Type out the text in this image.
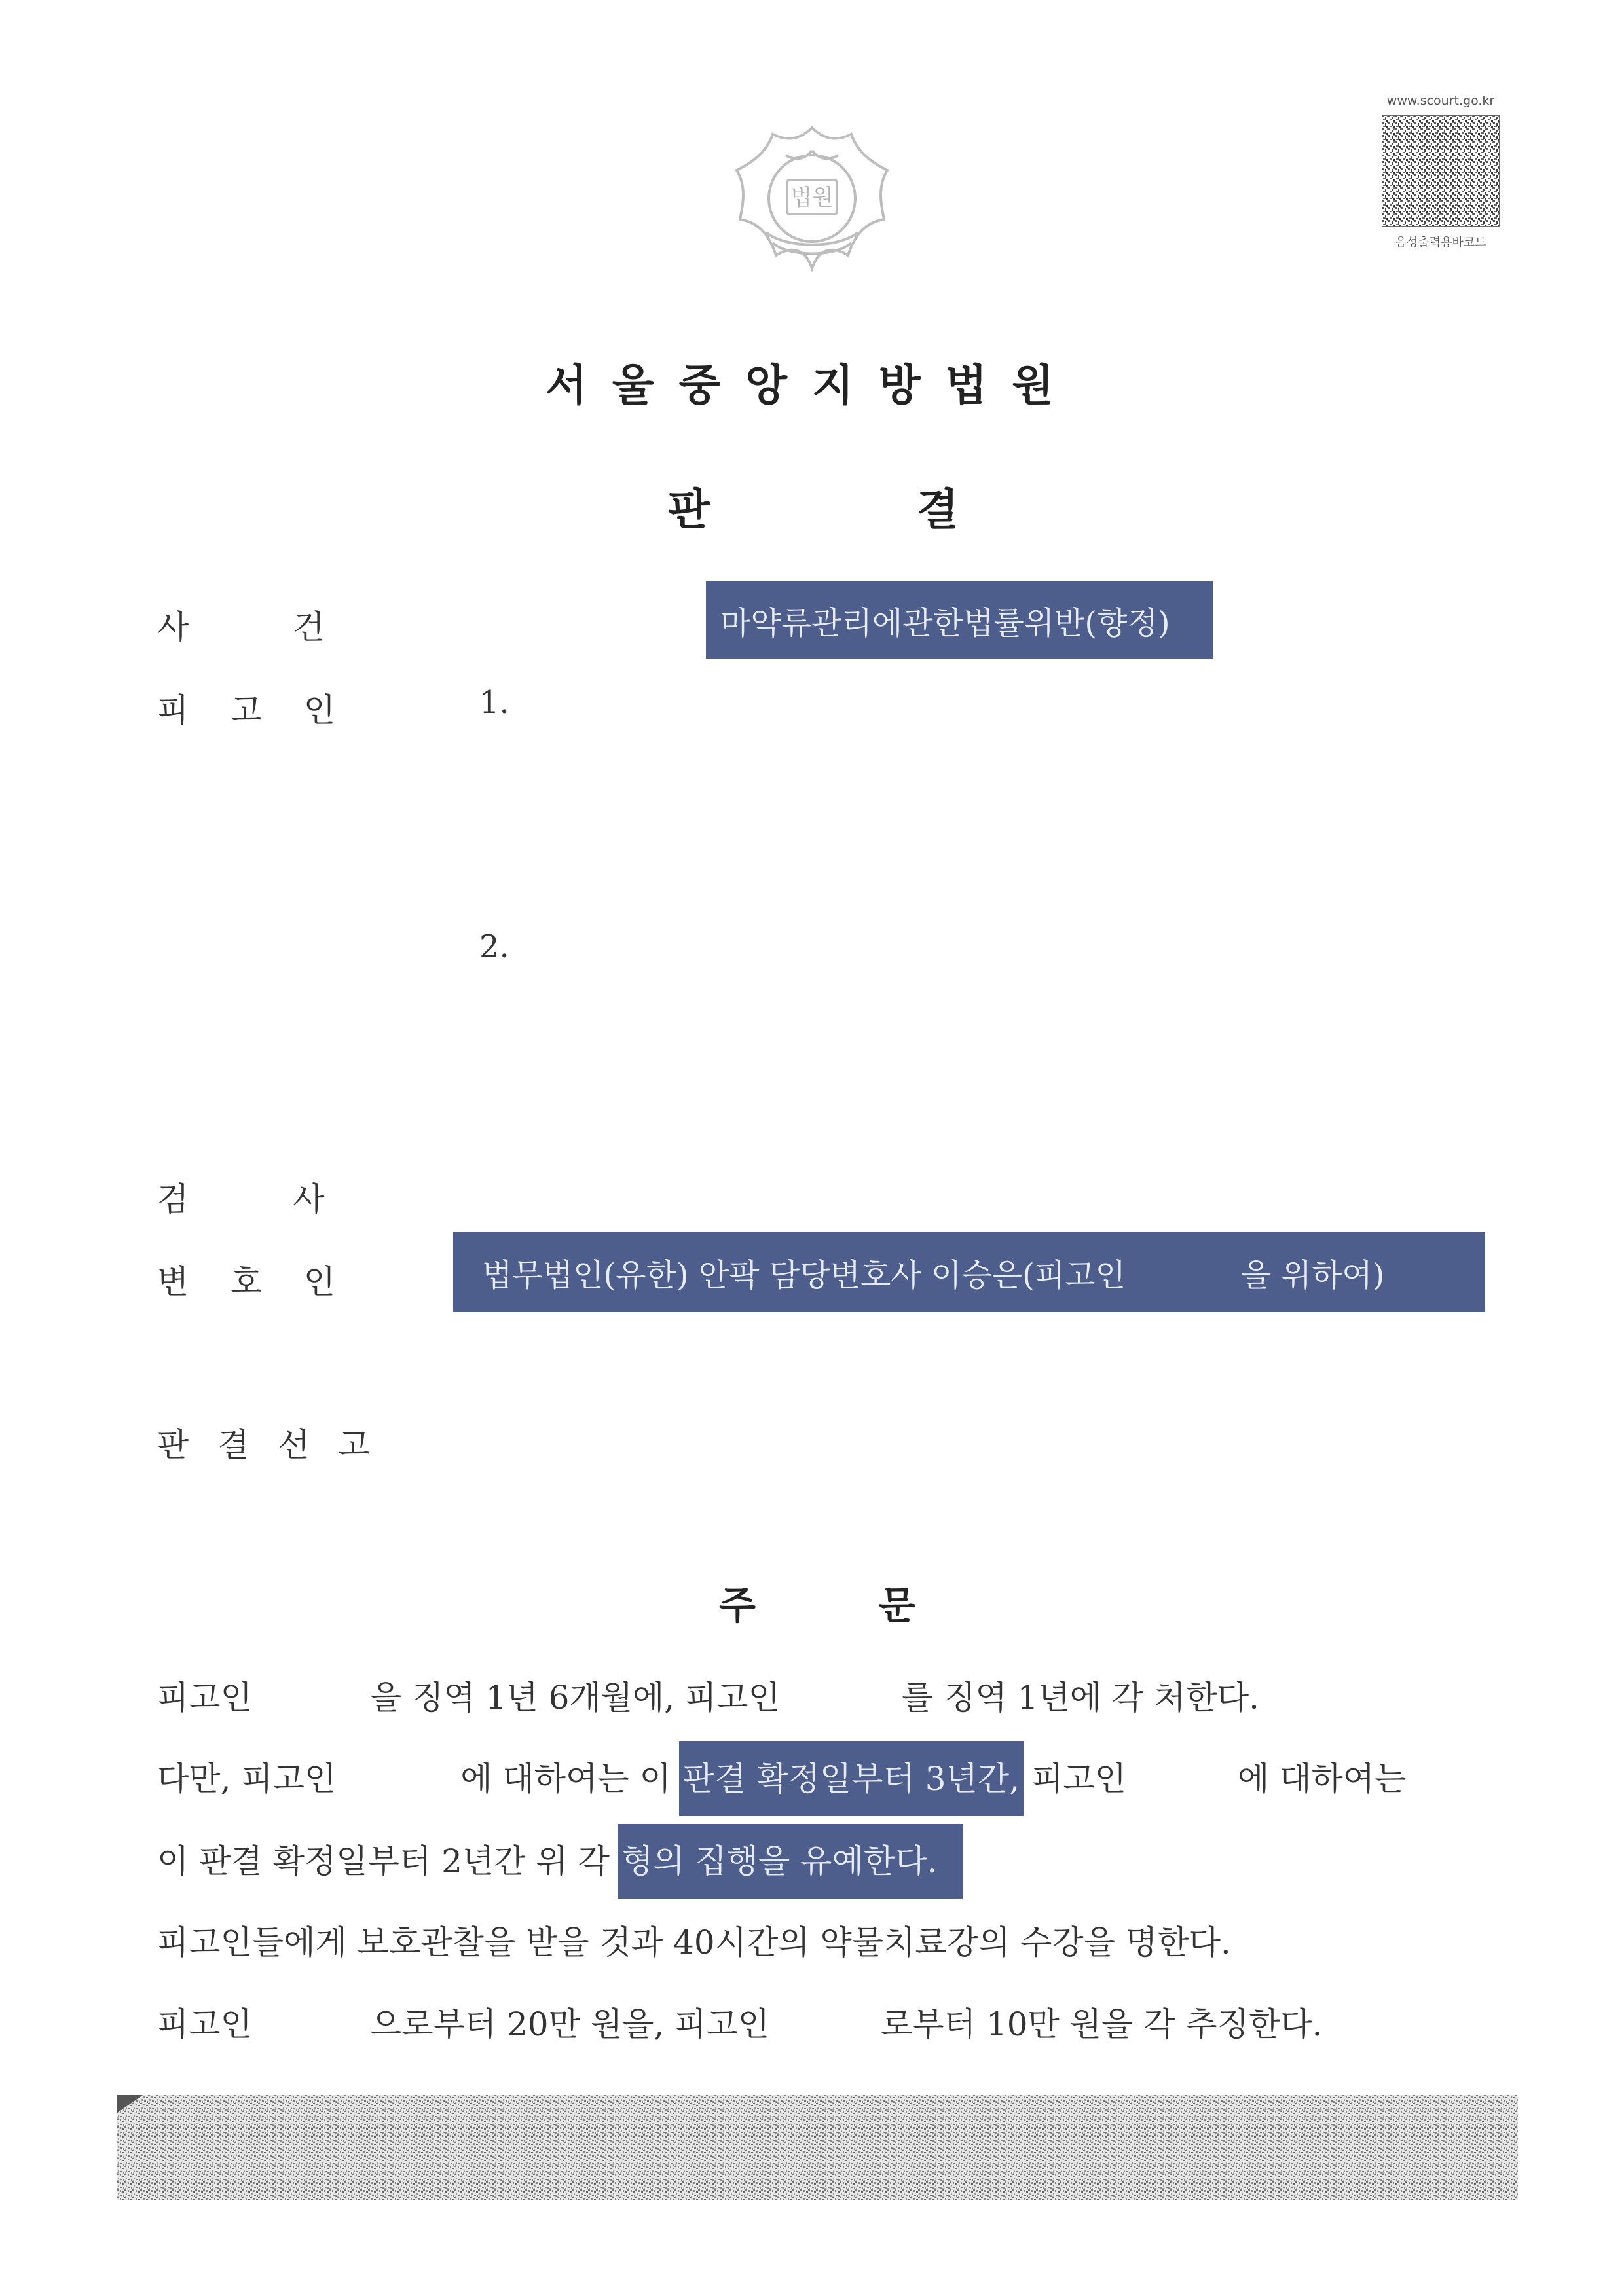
법원
www.scourt.go.kr
음성출력용바코드
서울중앙지방법원
판	결
사          건	마약류관리에관한법률위반(향정)
피    고    인	1.
2.
검          사
변    호    인	법무법인(유한) 안팍 담당변호사 이승은(피고인	을 위하여)
판 결 선 고
주	문
피고인	을 징역 1년 6개월에, 피고인	를 징역 1년에 각 처한다.
다만, 피고인	에 대하여는 이 판결 확정일부터 3년간, 피고인	에 대하여는
이 판결 확정일부터 2년간 위 각 형의 집행을 유예한다.
피고인들에게 보호관찰을 받을 것과 40시간의 약물치료강의 수강을 명한다.
피고인	으로부터 20만 원을, 피고인	로부터 10만 원을 각 추징한다.
